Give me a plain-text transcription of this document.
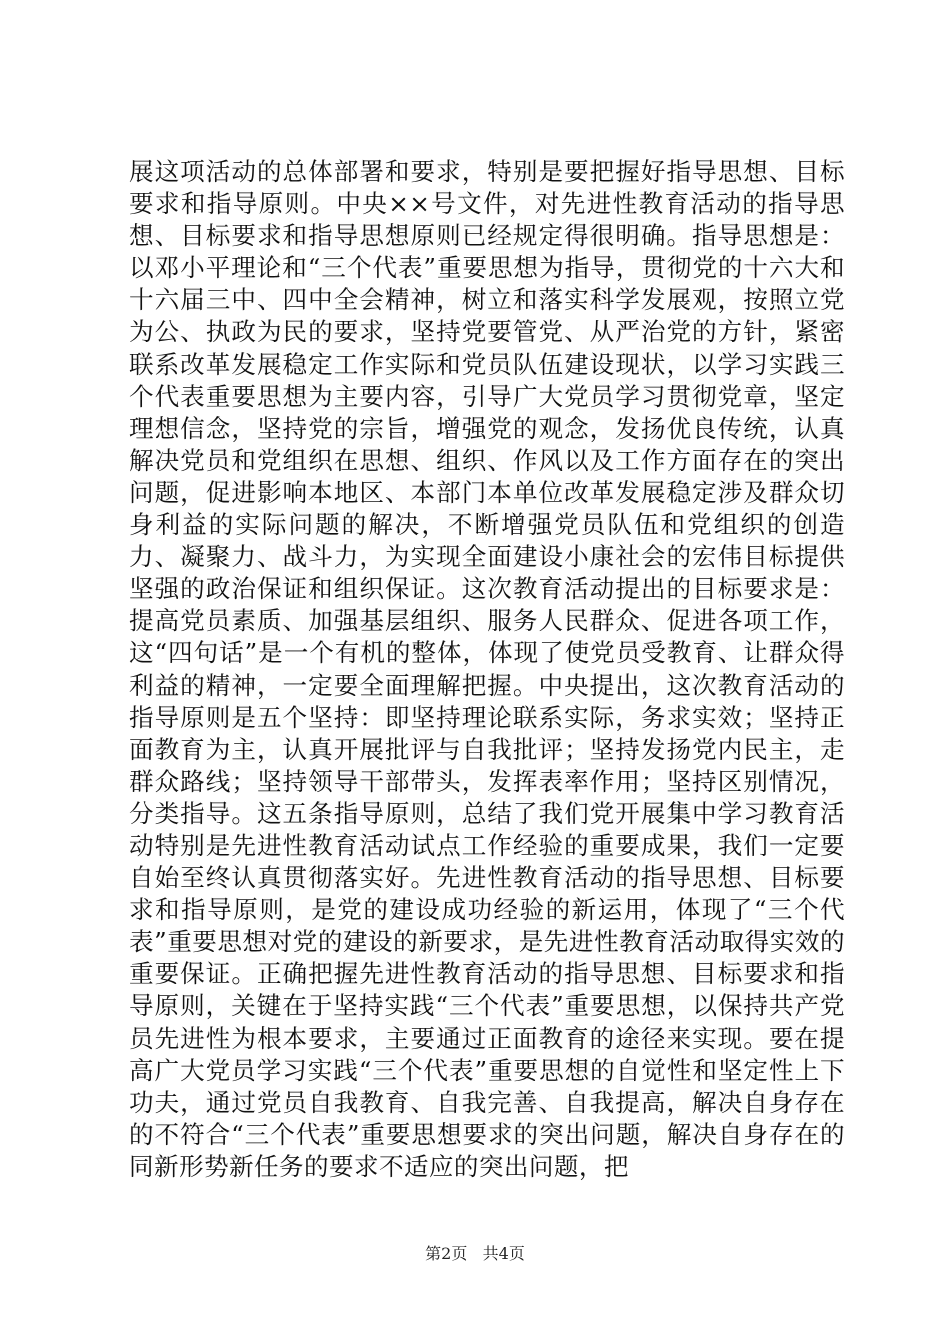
展这项活动的总体部署和要求，特别是要把握好指导思想、目标要求和指导原则。中央××号文件，对先进性教育活动的指导思想、目标要求和指导思想原则已经规定得很明确。指导思想是：以邓小平理论和“三个代表”重要思想为指导，贯彻党的十六大和十六届三中、四中全会精神，树立和落实科学发展观，按照立党为公、执政为民的要求，坚持党要管党、从严治党的方针，紧密联系改革发展稳定工作实际和党员队伍建设现状，以学习实践三个代表重要思想为主要内容，引导广大党员学习贯彻党章，坚定理想信念，坚持党的宗旨，增强党的观念，发扬优良传统，认真解决党员和党组织在思想、组织、作风以及工作方面存在的突出问题，促进影响本地区、本部门本单位改革发展稳定涉及群众切身利益的实际问题的解决，不断增强党员队伍和党组织的创造力、凝聚力、战斗力，为实现全面建设小康社会的宏伟目标提供坚强的政治保证和组织保证。这次教育活动提出的目标要求是：提高党员素质、加强基层组织、服务人民群众、促进各项工作，这“四句话”是一个有机的整体，体现了使党员受教育、让群众得利益的精神，一定要全面理解把握。中央提出，这次教育活动的指导原则是五个坚持：即坚持理论联系实际，务求实效；坚持正面教育为主，认真开展批评与自我批评；坚持发扬党内民主，走群众路线；坚持领导干部带头，发挥表率作用；坚持区别情况，分类指导。这五条指导原则，总结了我们党开展集中学习教育活动特别是先进性教育活动试点工作经验的重要成果，我们一定要自始至终认真贯彻落实好。先进性教育活动的指导思想、目标要求和指导原则，是党的建设成功经验的新运用，体现了“三个代表”重要思想对党的建设的新要求，是先进性教育活动取得实效的重要保证。正确把握先进性教育活动的指导思想、目标要求和指导原则，关键在于坚持实践“三个代表”重要思想，以保持共产党员先进性为根本要求，主要通过正面教育的途径来实现。要在提高广大党员学习实践“三个代表”重要思想的自觉性和坚定性上下功夫，通过党员自我教育、自我完善、自我提高，解决自身存在的不符合“三个代表”重要思想要求的突出问题，解决自身存在的同新形势新任务的要求不适应的突出问题，把

第2页 共4页
